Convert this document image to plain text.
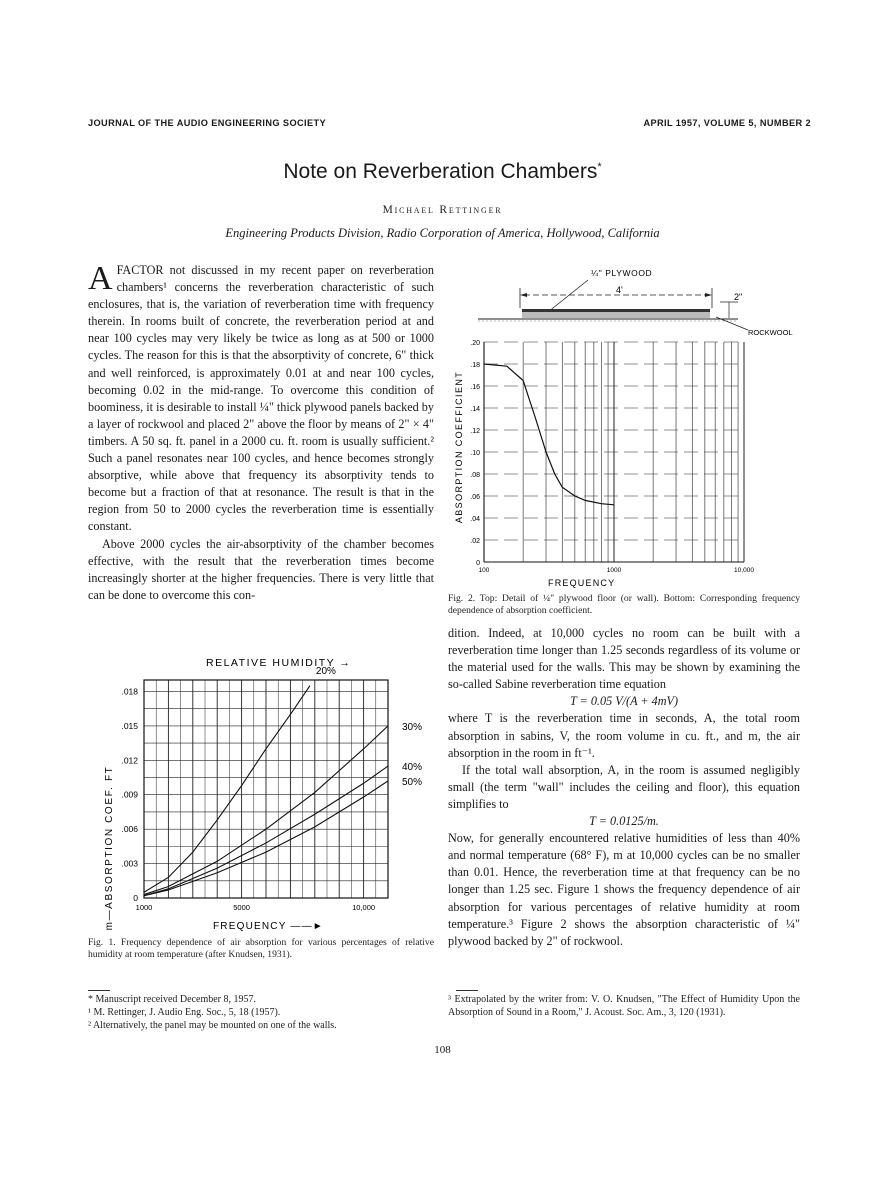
JOURNAL OF THE AUDIO ENGINEERING SOCIETY	APRIL 1957, VOLUME 5, NUMBER 2
Note on Reverberation Chambers*
Michael Rettinger
Engineering Products Division, Radio Corporation of America, Hollywood, California

A FACTOR not discussed in my recent paper on reverberation chambers¹ concerns the reverberation characteristic of such enclosures, that is, the variation of reverberation time with frequency therein. In rooms built of concrete, the reverberation period at and near 100 cycles may very likely be twice as long as at 500 or 1000 cycles. The reason for this is that the absorptivity of concrete, 6" thick and well reinforced, is approximately 0.01 at and near 100 cycles, becoming 0.02 in the mid-range. To overcome this condition of boominess, it is desirable to install ¼" thick plywood panels backed by a layer of rockwool and placed 2" above the floor by means of 2" × 4" timbers. A 50 sq. ft. panel in a 2000 cu. ft. room is usually sufficient.² Such a panel resonates near 100 cycles, and hence becomes strongly absorptive, while above that frequency its absorptivity tends to become but a fraction of that at resonance. The result is that in the region from 50 to 2000 cycles the reverberation time is essentially constant.

Above 2000 cycles the air-absorptivity of the chamber becomes effective, with the result that the reverberation times become increasingly shorter at the higher frequencies. There is very little that can be done to overcome this con-

RELATIVE HUMIDITY →
FREQUENCY ——►
m—ABSORPTION COEF. FT 0
.003
.006
.009
.012
.015
.018
1000	5000	10,000
20%
30%
40%
50%
Fig. 1. Frequency dependence of air absorption for various percentages of relative humidity at room temperature (after Knudsen, 1931).
¼" PLYWOOD
4'
2"
ROCKWOOL
ABSORPTION COEFFICIENT
FREQUENCY
0
.02
.04
.06
.08
.10
.12
.14
.16
.18
.20
100	1000	10,000
Fig. 2. Top: Detail of ¼" plywood floor (or wall). Bottom: Corresponding frequency dependence of absorption coefficient.

dition. Indeed, at 10,000 cycles no room can be built with a reverberation time longer than 1.25 seconds regardless of its volume or the material used for the walls. This may be shown by examining the so-called Sabine reverberation time equation

T = 0.05 V/(A + 4mV)

where T is the reverberation time in seconds, A, the total room absorption in sabins, V, the room volume in cu. ft., and m, the air absorption in the room in ft⁻¹.

If the total wall absorption, A, in the room is assumed negligibly small (the term "wall" includes the ceiling and floor), this equation simplifies to

T = 0.0125/m.

Now, for generally encountered relative humidities of less than 40% and normal temperature (68° F), m at 10,000 cycles can be no smaller than 0.01. Hence, the reverberation time at that frequency can be no longer than 1.25 sec. Figure 1 shows the frequency dependence of air absorption for various percentages of relative humidity at room temperature.³ Figure 2 shows the absorption characteristic of ¼" plywood backed by 2" of rockwool.

* Manuscript received December 8, 1957.
¹ M. Rettinger, J. Audio Eng. Soc., 5, 18 (1957).
² Alternatively, the panel may be mounted on one of the walls.
³ Extrapolated by the writer from: V. O. Knudsen, "The Effect of Humidity Upon the Absorption of Sound in a Room," J. Acoust. Soc. Am., 3, 120 (1931).
108
